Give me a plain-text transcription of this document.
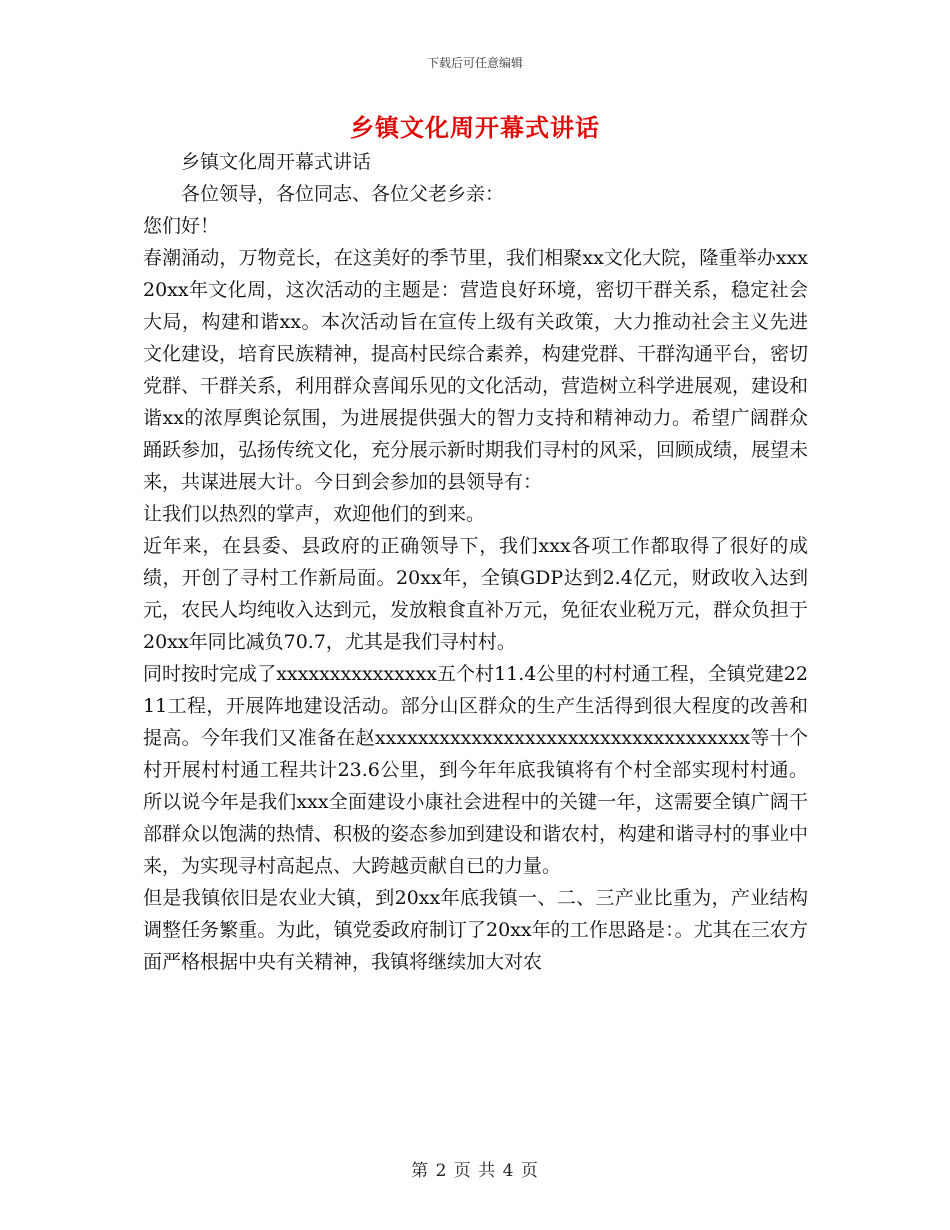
下载后可任意编辑
乡镇文化周开幕式讲话

乡镇文化周开幕式讲话

各位领导，各位同志、各位父老乡亲：

您们好！

春潮涌动，万物竞长，在这美好的季节里，我们相聚xx文化大院，隆重举办xxx20xx年文化周，这次活动的主题是：营造良好环境，密切干群关系，稳定社会大局，构建和谐xx。本次活动旨在宣传上级有关政策，大力推动社会主义先进文化建设，培育民族精神，提高村民综合素养，构建党群、干群沟通平台，密切党群、干群关系，利用群众喜闻乐见的文化活动，营造树立科学进展观，建设和谐xx的浓厚舆论氛围，为进展提供强大的智力支持和精神动力。希望广阔群众踊跃参加，弘扬传统文化，充分展示新时期我们寻村的风采，回顾成绩，展望未来，共谋进展大计。今日到会参加的县领导有：

让我们以热烈的掌声，欢迎他们的到来。

近年来，在县委、县政府的正确领导下，我们xxx各项工作都取得了很好的成绩，开创了寻村工作新局面。20xx年，全镇GDP达到2.4亿元，财政收入达到元，农民人均纯收入达到元，发放粮食直补万元，免征农业税万元，群众负担于20xx年同比减负70.7，尤其是我们寻村村。

同时按时完成了xxxxxxxxxxxxxxx五个村11.4公里的村村通工程，全镇党建2211工程，开展阵地建设活动。部分山区群众的生产生活得到很大程度的改善和提高。今年我们又准备在赵xxxxxxxxxxxxxxxxxxxxxxxxxxxxxxxxxxx等十个村开展村村通工程共计23.6公里，到今年年底我镇将有个村全部实现村村通。所以说今年是我们xxx全面建设小康社会进程中的关键一年，这需要全镇广阔干部群众以饱满的热情、积极的姿态参加到建设和谐农村，构建和谐寻村的事业中来，为实现寻村高起点、大跨越贡献自已的力量。

但是我镇依旧是农业大镇，到20xx年底我镇一、二、三产业比重为，产业结构调整任务繁重。为此，镇党委政府制订了20xx年的工作思路是：。尤其在三农方面严格根据中央有关精神，我镇将继续加大对农

第 2 页 共 4 页
